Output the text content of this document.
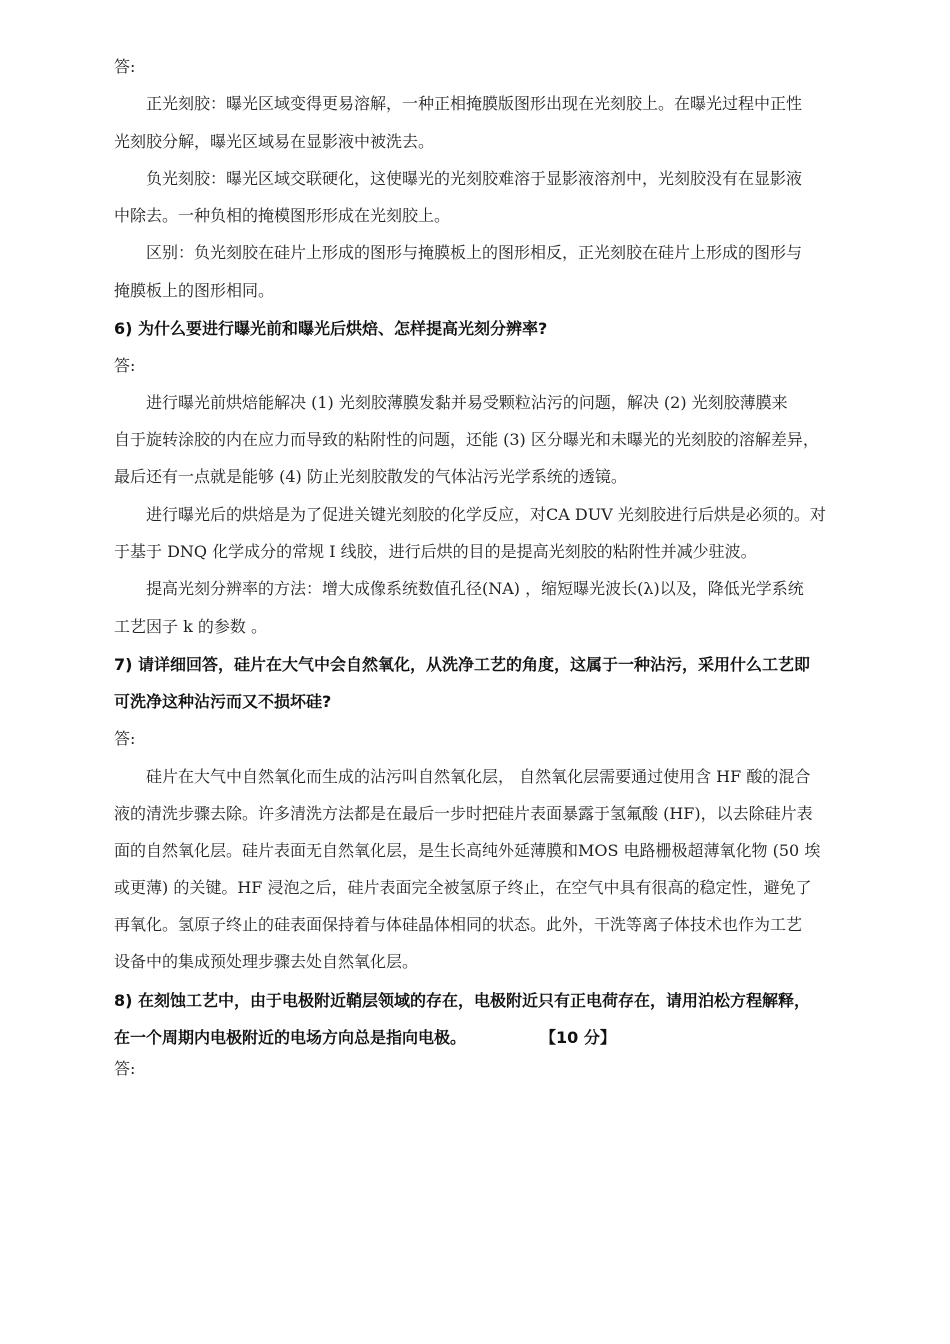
答:
正光刻胶：曝光区域变得更易溶解，一种正相掩膜版图形出现在光刻胶上。在曝光过程中正性
光刻胶分解，曝光区域易在显影液中被洗去。
负光刻胶：曝光区域交联硬化，这使曝光的光刻胶难溶于显影液溶剂中，光刻胶没有在显影液
中除去。一种负相的掩模图形形成在光刻胶上。
区别：负光刻胶在硅片上形成的图形与掩膜板上的图形相反，正光刻胶在硅片上形成的图形与
掩膜板上的图形相同。
6) 为什么要进行曝光前和曝光后烘焙、怎样提高光刻分辨率?
答:
进行曝光前烘焙能解决 (1) 光刻胶薄膜发黏并易受颗粒沾污的问题，解决 (2) 光刻胶薄膜来
自于旋转涂胶的内在应力而导致的粘附性的问题，还能 (3) 区分曝光和未曝光的光刻胶的溶解差异，
最后还有一点就是能够 (4) 防止光刻胶散发的气体沾污光学系统的透镜。
进行曝光后的烘焙是为了促进关键光刻胶的化学反应，对CA DUV 光刻胶进行后烘是必须的。对
于基于 DNQ 化学成分的常规 I 线胶，进行后烘的目的是提高光刻胶的粘附性并减少驻波。
提高光刻分辨率的方法：增大成像系统数值孔径(NA) ，缩短曝光波长(λ)以及，降低光学系统
工艺因子 k 的参数 。
7) 请详细回答，硅片在大气中会自然氧化，从洗净工艺的角度，这属于一种沾污，采用什么工艺即
可洗净这种沾污而又不损坏硅?
答:
硅片在大气中自然氧化而生成的沾污叫自然氧化层， 自然氧化层需要通过使用含 HF 酸的混合
液的清洗步骤去除。许多清洗方法都是在最后一步时把硅片表面暴露于氢氟酸 (HF)，以去除硅片表
面的自然氧化层。硅片表面无自然氧化层，是生长高纯外延薄膜和MOS 电路栅极超薄氧化物 (50 埃
或更薄) 的关键。HF 浸泡之后，硅片表面完全被氢原子终止，在空气中具有很高的稳定性，避免了
再氧化。氢原子终止的硅表面保持着与体硅晶体相同的状态。此外，干洗等离子体技术也作为工艺
设备中的集成预处理步骤去处自然氧化层。
8) 在刻蚀工艺中，由于电极附近鞘层领域的存在，电极附近只有正电荷存在，请用泊松方程解释，
在一个周期内电极附近的电场方向总是指向电极。	【10 分】
答:
